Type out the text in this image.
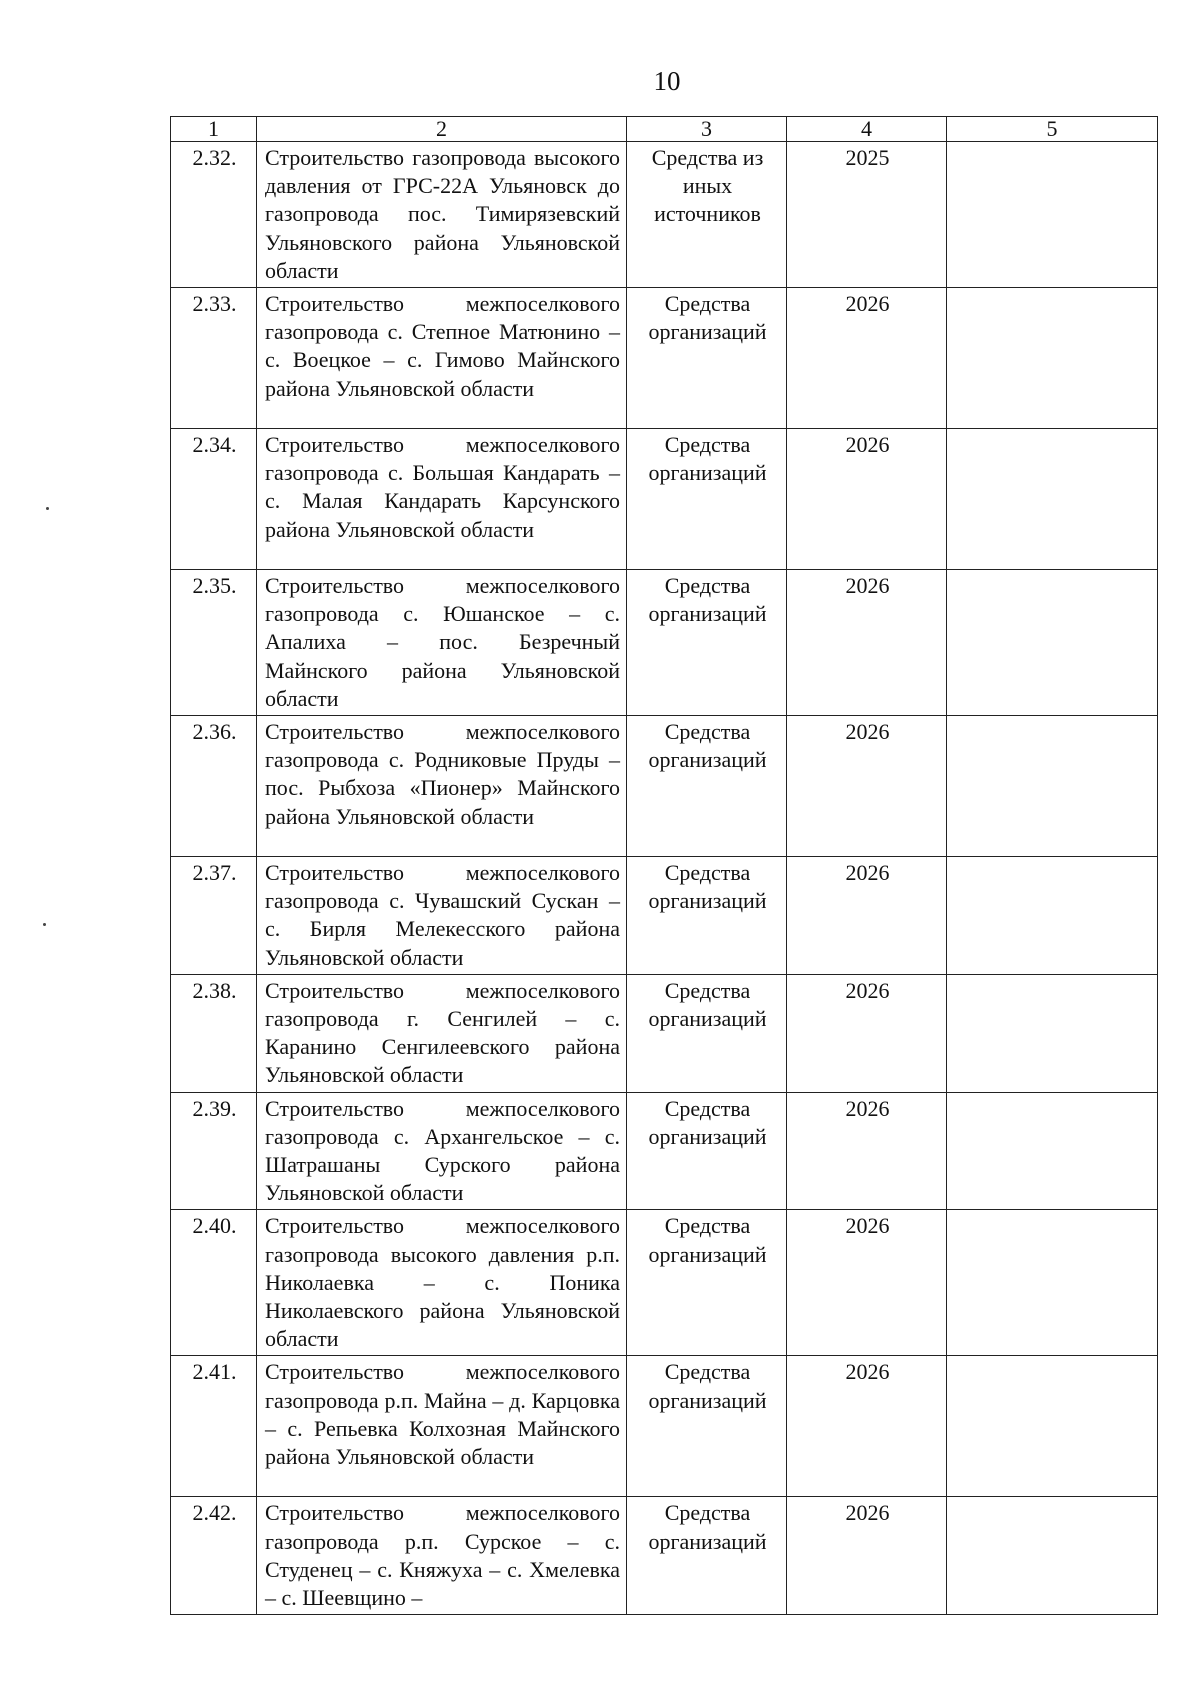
10
1	2	3	4	5
2.32.	Строительство газопровода высокого давления от ГРС-22А Ульяновск до газопровода пос. Тимирязевский Ульяновского района Ульяновской области	Средства из иных источников	2025	
2.33.	Строительство межпоселкового газопровода с. Степное Матюнино – с. Воецкое – с. Гимово Майнского района Ульяновской области	Средства организаций	2026	
2.34.	Строительство межпоселкового газопровода с. Большая Кандарать – с. Малая Кандарать Карсунского района Ульяновской области	Средства организаций	2026	
2.35.	Строительство межпоселкового газопровода с. Юшанское – с. Апалиха – пос. Безречный Майнского района Ульяновской области	Средства организаций	2026	
2.36.	Строительство межпоселкового газопровода с. Родниковые Пруды – пос. Рыбхоза «Пионер» Майнского района Ульяновской области	Средства организаций	2026	
2.37.	Строительство межпоселкового газопровода с. Чувашский Сускан – с. Бирля Мелекесского района Ульяновской области	Средства организаций	2026	
2.38.	Строительство межпоселкового газопровода г. Сенгилей – с. Каранино Сенгилеевского района Ульяновской области	Средства организаций	2026	
2.39.	Строительство межпоселкового газопровода с. Архангельское – с. Шатрашаны Сурского района Ульяновской области	Средства организаций	2026	
2.40.	Строительство межпоселкового газопровода высокого давления р.п. Николаевка – с. Поника Николаевского района Ульяновской области	Средства организаций	2026	
2.41.	Строительство межпоселкового газопровода р.п. Майна – д. Карцовка – с. Репьевка Колхозная Майнского района Ульяновской области	Средства организаций	2026	
2.42.	Строительство межпоселкового газопровода р.п. Сурское – с. Студенец – с. Княжуха – с. Хмелевка – с. Шеевщино –	Средства организаций	2026	
